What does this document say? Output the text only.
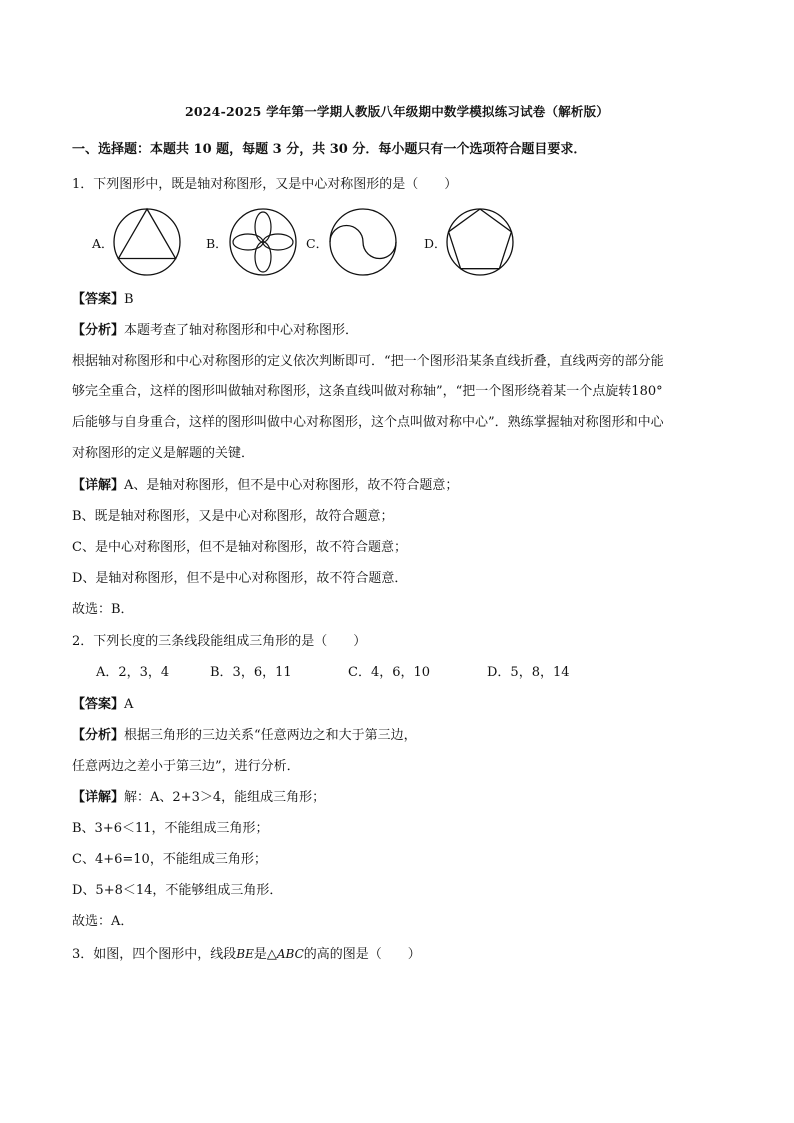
2024-2025 学年第一学期人教版八年级期中数学模拟练习试卷（解析版）
一、选择题：本题共 10 题，每题 3 分，共 30 分．每小题只有一个选项符合题目要求．
1．下列图形中，既是轴对称图形，又是中心对称图形的是（　　）
A．	B．	C．	D．
【答案】B
【分析】本题考查了轴对称图形和中心对称图形．
根据轴对称图形和中心对称图形的定义依次判断即可．“把一个图形沿某条直线折叠，直线两旁的部分能
够完全重合，这样的图形叫做轴对称图形，这条直线叫做对称轴”，“把一个图形绕着某一个点旋转180°
后能够与自身重合，这样的图形叫做中心对称图形，这个点叫做对称中心”．熟练掌握轴对称图形和中心
对称图形的定义是解题的关键．
【详解】A、是轴对称图形，但不是中心对称图形，故不符合题意；
B、既是轴对称图形，又是中心对称图形，故符合题意；
C、是中心对称图形，但不是轴对称图形，故不符合题意；
D、是轴对称图形，但不是中心对称图形，故不符合题意．
故选：B．
2．下列长度的三条线段能组成三角形的是（　　）
A．2，3，4	B．3，6，11	C．4，6，10	D．5，8，14
【答案】A
【分析】根据三角形的三边关系“任意两边之和大于第三边，
任意两边之差小于第三边”，进行分析．
【详解】解：A、2+3＞4，能组成三角形；
B、3+6＜11，不能组成三角形；
C、4+6=10，不能组成三角形；
D、5+8＜14，不能够组成三角形．
故选：A．
3．如图，四个图形中，线段BE是△ABC的高的图是（　　）
